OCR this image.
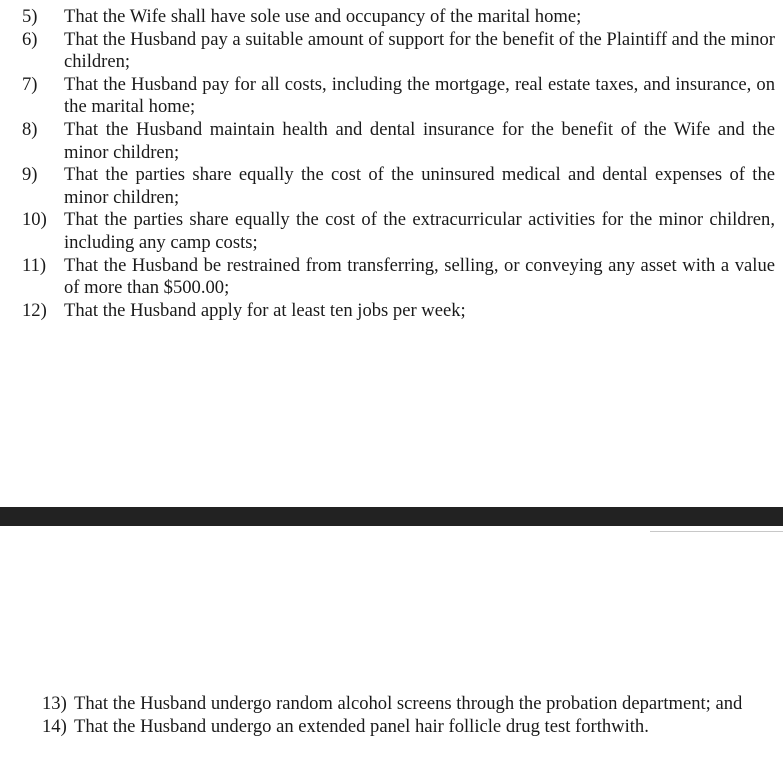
5) That the Wife shall have sole use and occupancy of the marital home;
6) That the Husband pay a suitable amount of support for the benefit of the Plaintiff and the minor children;
7) That the Husband pay for all costs, including the mortgage, real estate taxes, and insurance, on the marital home;
8) That the Husband maintain health and dental insurance for the benefit of the Wife and the minor children;
9) That the parties share equally the cost of the uninsured medical and dental expenses of the minor children;
10) That the parties share equally the cost of the extracurricular activities for the minor children, including any camp costs;
11) That the Husband be restrained from transferring, selling, or conveying any asset with a value of more than $500.00;
12) That the Husband apply for at least ten jobs per week;
13) That the Husband undergo random alcohol screens through the probation department; and
14) That the Husband undergo an extended panel hair follicle drug test forthwith.
